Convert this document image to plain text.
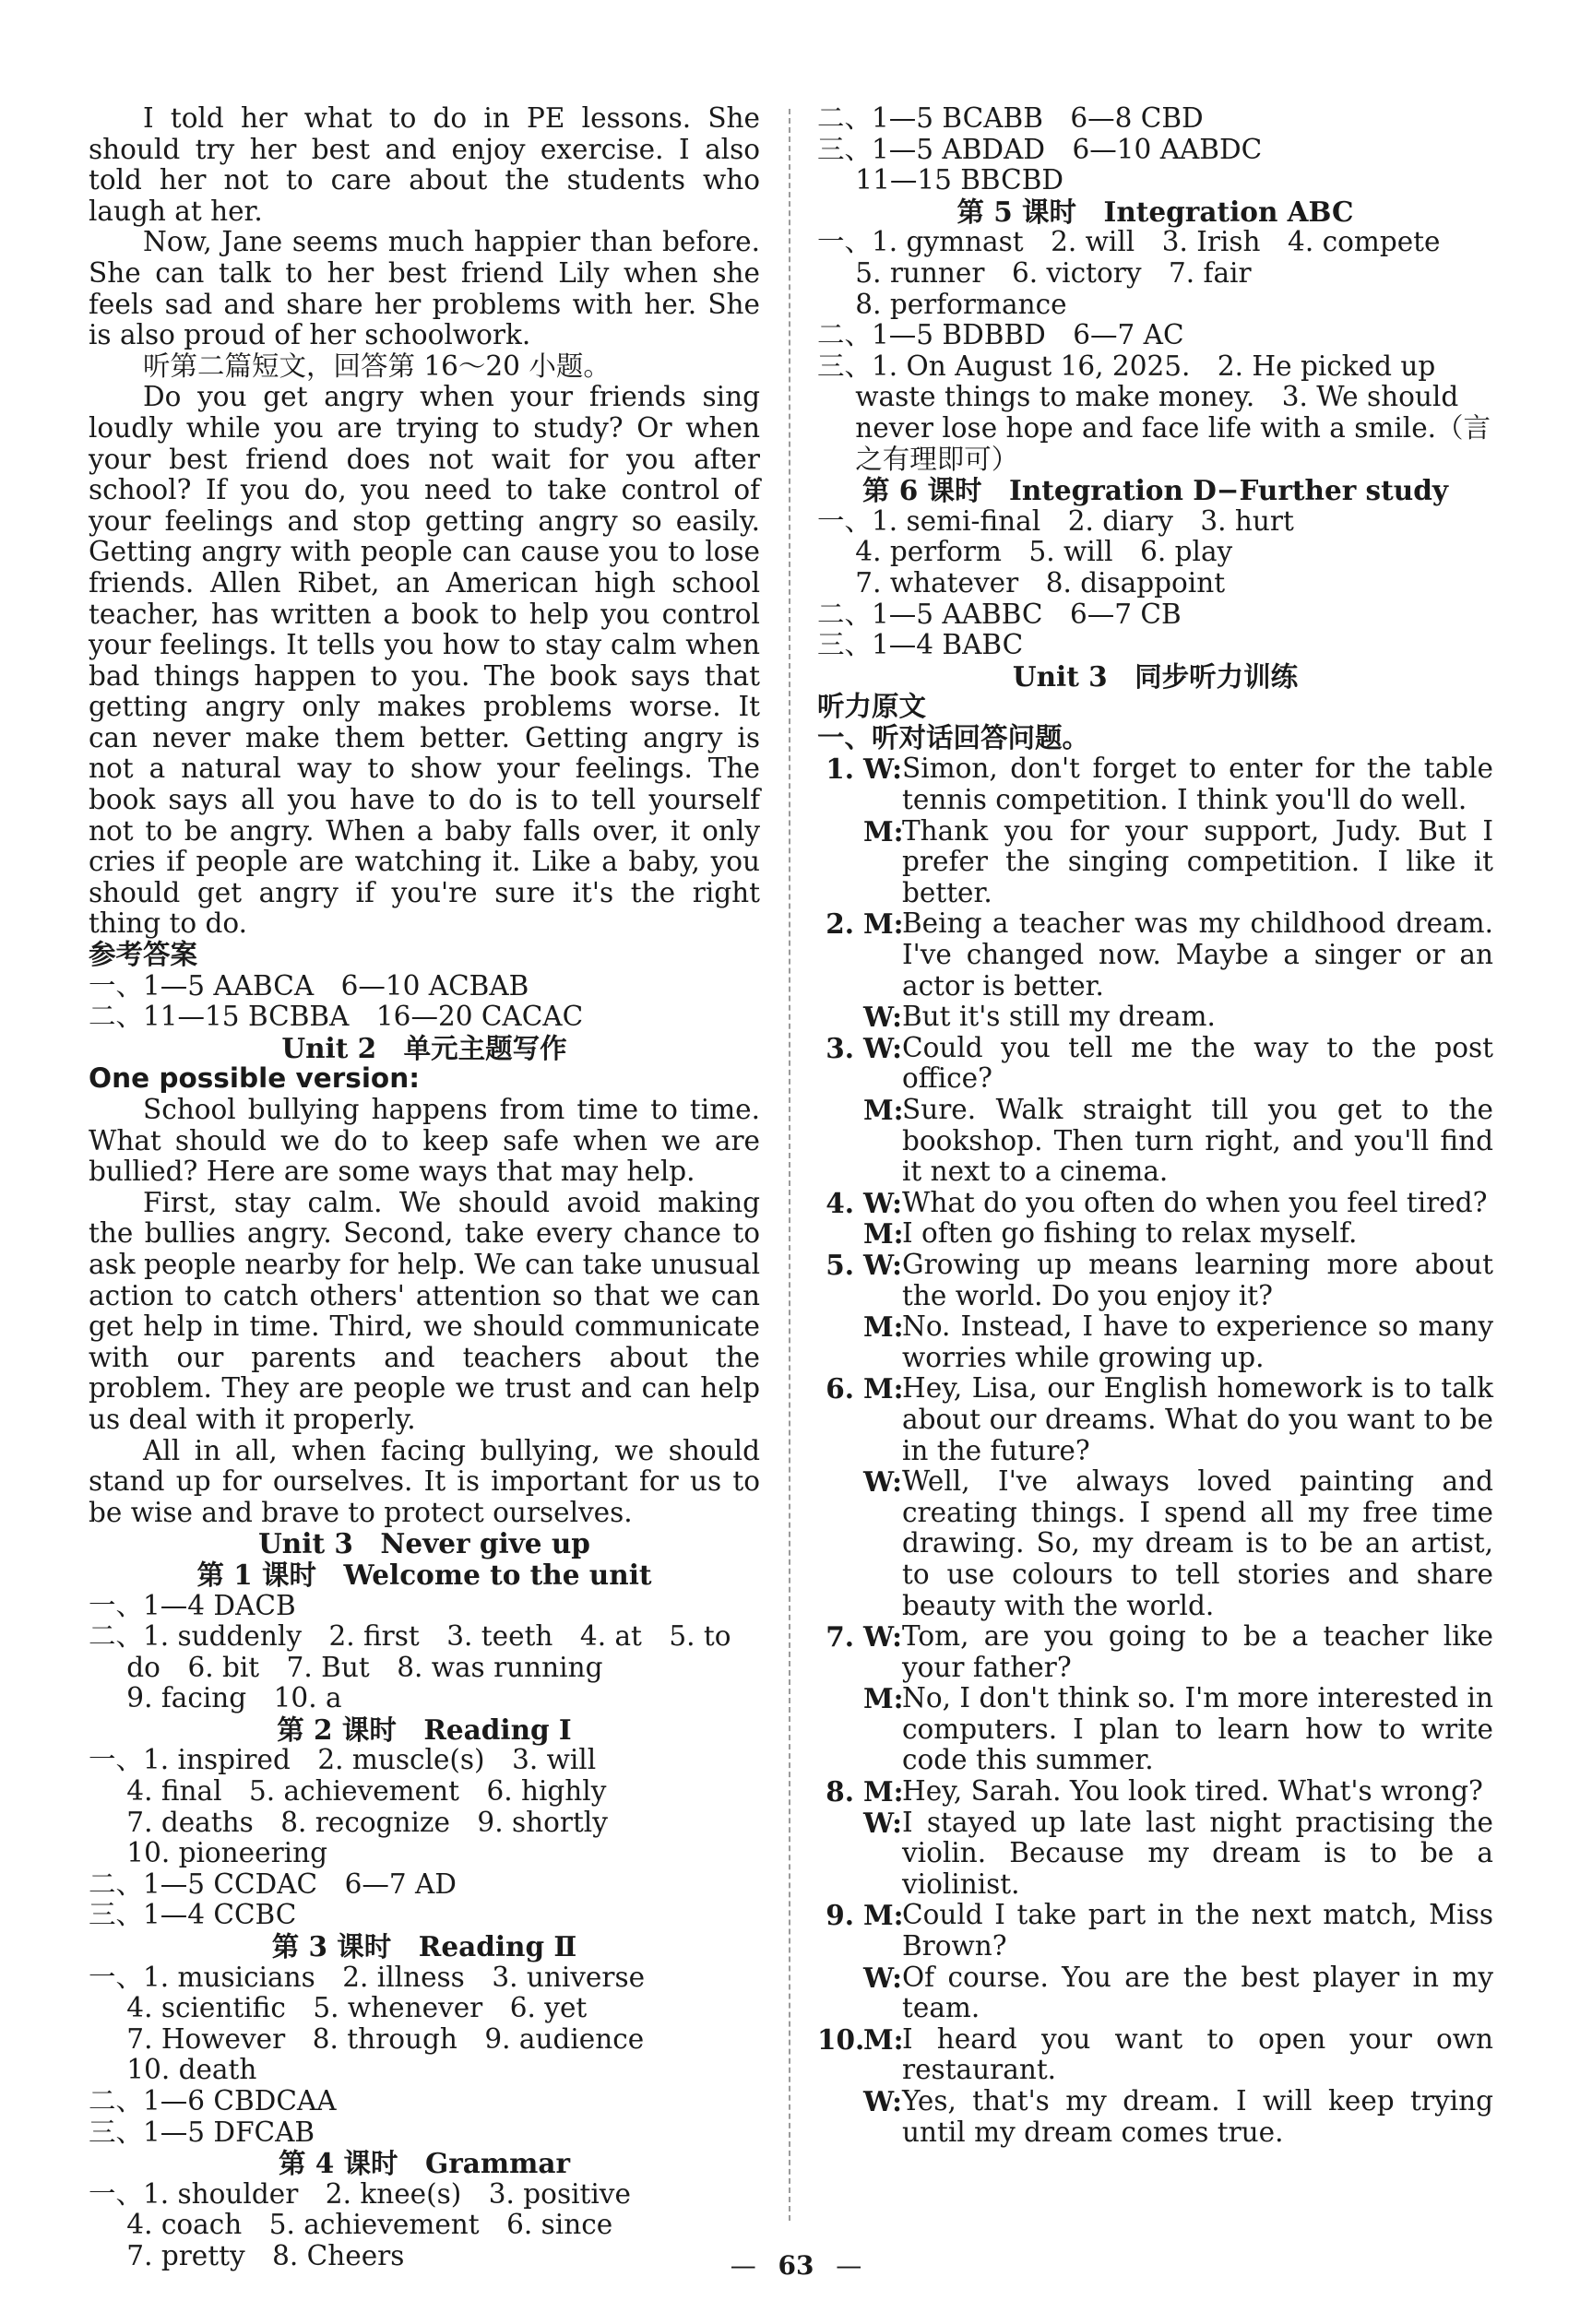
I told her what to do in PE lessons. She should try her best and enjoy exercise. I also told her not to care about the students who laugh at her.

Now, Jane seems much happier than before. She can talk to her best friend Lily when she feels sad and share her problems with her. She is also proud of her schoolwork.

听第二篇短文，回答第 16～20 小题。

Do you get angry when your friends sing loudly while you are trying to study? Or when your best friend does not wait for you after school? If you do, you need to take control of your feelings and stop getting angry so easily. Getting angry with people can cause you to lose friends. Allen Ribet, an American high school teacher, has written a book to help you control your feelings. It tells you how to stay calm when bad things happen to you. The book says that getting angry only makes problems worse. It can never make them better. Getting angry is not a natural way to show your feelings. The book says all you have to do is to tell yourself not to be angry. When a baby falls over, it only cries if people are watching it. Like a baby, you should get angry if you're sure it's the right thing to do.

参考答案
一、1—5 AABCA　6—10 ACBAB
二、11—15 BCBBA　16—20 CACAC
Unit 2　单元主题写作
One possible version:

School bullying happens from time to time. What should we do to keep safe when we are bullied? Here are some ways that may help.

First, stay calm. We should avoid making the bullies angry. Second, take every chance to ask people nearby for help. We can take unusual action to catch others' attention so that we can get help in time. Third, we should communicate with our parents and teachers about the problem. They are people we trust and can help us deal with it properly.

All in all, when facing bullying, we should stand up for ourselves. It is important for us to be wise and brave to protect ourselves.

Unit 3　Never give up
第 1 课时　Welcome to the unit
一、1—4 DACB
二、1. suddenly　2. first　3. teeth　4. at　5. to
do　6. bit　7. But　8. was running
9. facing　10. a
第 2 课时　Reading Ⅰ
一、1. inspired　2. muscle(s)　3. will
4. final　5. achievement　6. highly
7. deaths　8. recognize　9. shortly
10. pioneering
二、1—5 CCDAC　6—7 AD
三、1—4 CCBC
第 3 课时　Reading Ⅱ
一、1. musicians　2. illness　3. universe
4. scientific　5. whenever　6. yet
7. However　8. through　9. audience
10. death
二、1—6 CBDCAA
三、1—5 DFCAB
第 4 课时　Grammar
一、1. shoulder　2. knee(s)　3. positive
4. coach　5. achievement　6. since
7. pretty　8. Cheers
二、1—5 BCABB　6—8 CBD
三、1—5 ABDAD　6—10 AABDC
11—15 BBCBD
第 5 课时　Integration ABC
一、1. gymnast　2. will　3. Irish　4. compete
5. runner　6. victory　7. fair
8. performance
二、1—5 BDBBD　6—7 AC
三、1. On August 16, 2025.　2. He picked up
waste things to make money.　3. We should
never lose hope and face life with a smile.（言
之有理即可）
第 6 课时　Integration D−Further study
一、1. semi-final　2. diary　3. hurt
4. perform　5. will　6. play
7. whatever　8. disappoint
二、1—5 AABBC　6—7 CB
三、1—4 BABC
Unit 3　同步听力训练
听力原文
一、听对话回答问题。
1. W: Simon, don't forget to enter for the table tennis competition. I think you'll do well.
M:
Thank you for your support, Judy. But I prefer the singing competition. I like it better.
2. M:
Being a teacher was my childhood dream. I've changed now. Maybe a singer or an actor is better.
W: But it's still my dream.
3. W: Could you tell me the way to the post office?
M:
Sure. Walk straight till you get to the bookshop. Then turn right, and you'll find it next to a cinema.
4. W: What do you often do when you feel tired?
M:
I often go fishing to relax myself.
5. W: Growing up means learning more about the world. Do you enjoy it?
M:
No. Instead, I have to experience so many worries while growing up.
6. M:
Hey, Lisa, our English homework is to talk about our dreams. What do you want to be in the future?
W: Well, I've always loved painting and creating things. I spend all my free time drawing. So, my dream is to be an artist, to use colours to tell stories and share beauty with the world.
7. W: Tom, are you going to be a teacher like your father?
M:
No, I don't think so. I'm more interested in computers. I plan to learn how to write code this summer.
8. M:
Hey, Sarah. You look tired. What's wrong?
W: I stayed up late last night practising the violin. Because my dream is to be a violinist.
9. M:
Could I take part in the next match, Miss Brown?
W: Of course. You are the best player in my team.
10.
M:
I heard you want to open your own restaurant.
W: Yes, that's my dream. I will keep trying until my dream comes true.
— 63 —
